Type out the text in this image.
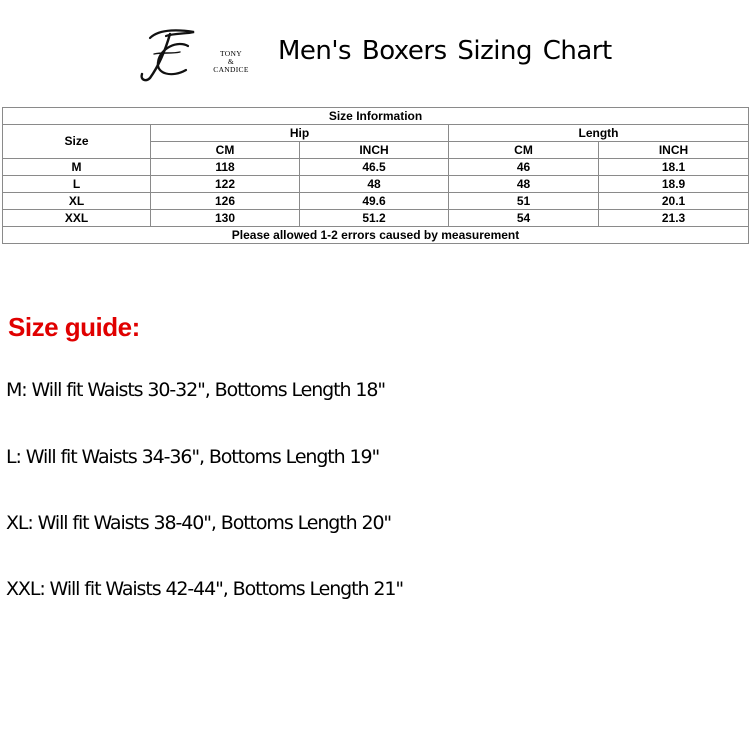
TONY
&
CANDICE
Men's Boxers Sizing Chart
Size Information				
Size	Hip		Length	
	CM	INCH	CM	INCH
M	118	46.5	46	18.1
L	122	48	48	18.9
XL	126	49.6	51	20.1
XXL	130	51.2	54	21.3
Please allowed 1-2 errors caused by measurement				
Size guide:
M: Will fit Waists 30-32", Bottoms Length 18"
L: Will fit Waists 34-36", Bottoms Length 19"
XL: Will fit Waists 38-40", Bottoms Length 20"
XXL: Will fit Waists 42-44", Bottoms Length 21"
